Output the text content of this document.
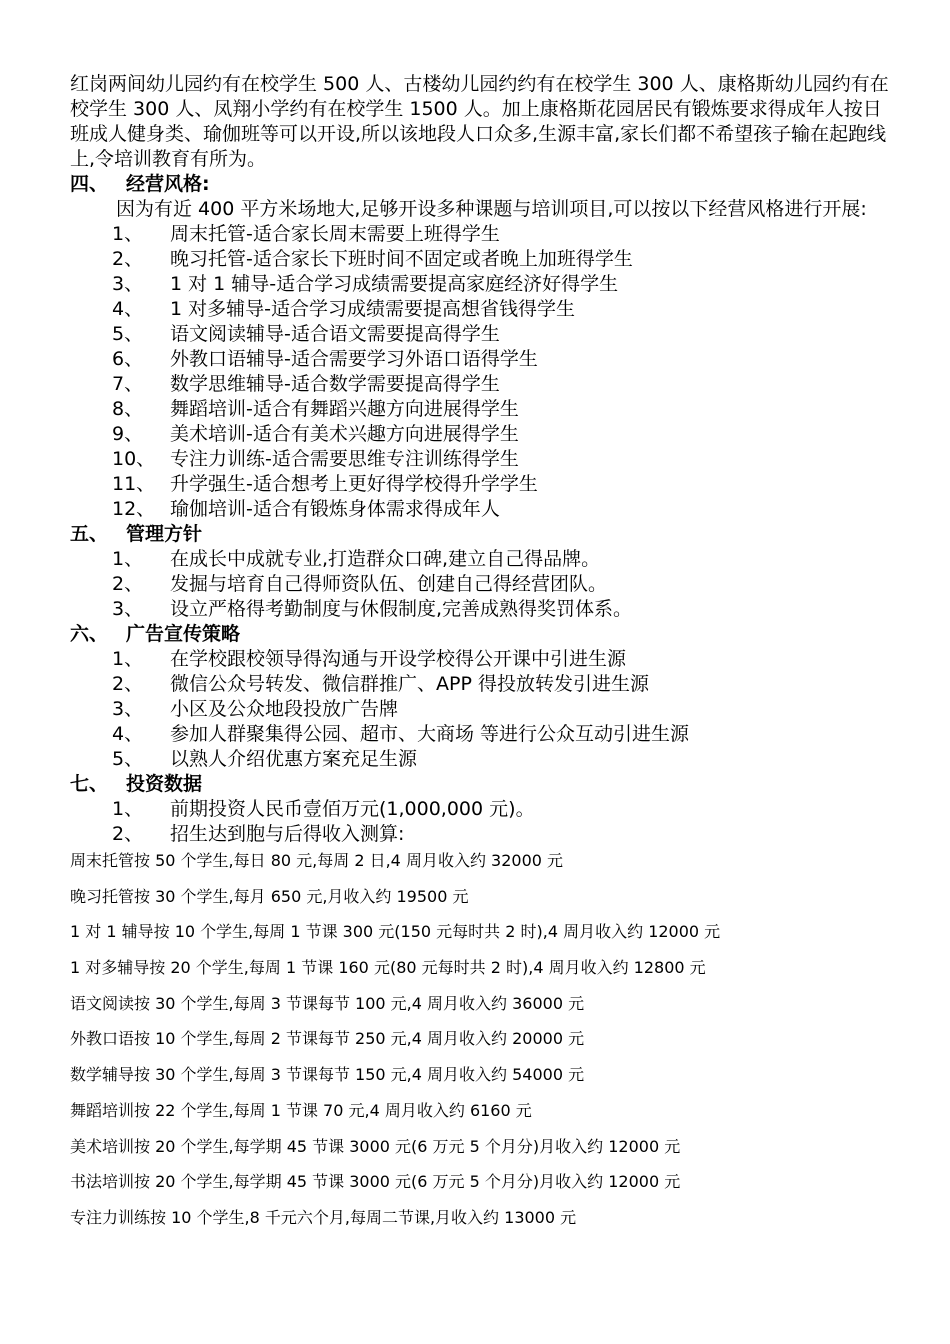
红岗两间幼儿园约有在校学生 500 人、古楼幼儿园约约有在校学生 300 人、康格斯幼儿园约有在校学生 300 人、凤翔小学约有在校学生 1500 人。加上康格斯花园居民有锻炼要求得成年人按日班成人健身类、瑜伽班等可以开设,所以该地段人口众多,生源丰富,家长们都不希望孩子输在起跑线上,令培训教育有所为。

四、 经营风格:

因为有近 400 平方米场地大,足够开设多种课题与培训项目,可以按以下经营风格进行开展:

1、	周末托管-适合家长周末需要上班得学生
2、	晚习托管-适合家长下班时间不固定或者晚上加班得学生
3、	1 对 1 辅导-适合学习成绩需要提高家庭经济好得学生
4、	1 对多辅导-适合学习成绩需要提高想省钱得学生
5、	语文阅读辅导-适合语文需要提高得学生
6、	外教口语辅导-适合需要学习外语口语得学生
7、	数学思维辅导-适合数学需要提高得学生
8、	舞蹈培训-适合有舞蹈兴趣方向进展得学生
9、	美术培训-适合有美术兴趣方向进展得学生
10、 专注力训练-适合需要思维专注训练得学生
11、 升学强生-适合想考上更好得学校得升学学生
12、 瑜伽培训-适合有锻炼身体需求得成年人
五、 管理方针
1、	在成长中成就专业,打造群众口碑,建立自己得品牌。
2、	发掘与培育自己得师资队伍、创建自己得经营团队。
3、	设立严格得考勤制度与休假制度,完善成熟得奖罚体系。
六、 广告宣传策略
1、	在学校跟校领导得沟通与开设学校得公开课中引进生源
2、	微信公众号转发、微信群推广、APP 得投放转发引进生源
3、	小区及公众地段投放广告牌
4、	参加人群聚集得公园、超市、大商场 等进行公众互动引进生源
5、	以熟人介绍优惠方案充足生源
七、 投资数据
1、	前期投资人民币壹佰万元(1,000,000 元)。
2、	招生达到胞与后得收入测算:

周末托管按 50 个学生,每日 80 元,每周 2 日,4 周月收入约 32000 元

晚习托管按 30 个学生,每月 650 元,月收入约 19500 元

1 对 1 辅导按 10 个学生,每周 1 节课 300 元(150 元每时共 2 时),4 周月收入约 12000 元

1 对多辅导按 20 个学生,每周 1 节课 160 元(80 元每时共 2 时),4 周月收入约 12800 元

语文阅读按 30 个学生,每周 3 节课每节 100 元,4 周月收入约 36000 元

外教口语按 10 个学生,每周 2 节课每节 250 元,4 周月收入约 20000 元

数学辅导按 30 个学生,每周 3 节课每节 150 元,4 周月收入约 54000 元

舞蹈培训按 22 个学生,每周 1 节课 70 元,4 周月收入约 6160 元

美术培训按 20 个学生,每学期 45 节课 3000 元(6 万元 5 个月分)月收入约 12000 元

书法培训按 20 个学生,每学期 45 节课 3000 元(6 万元 5 个月分)月收入约 12000 元

专注力训练按 10 个学生,8 千元六个月,每周二节课,月收入约 13000 元
